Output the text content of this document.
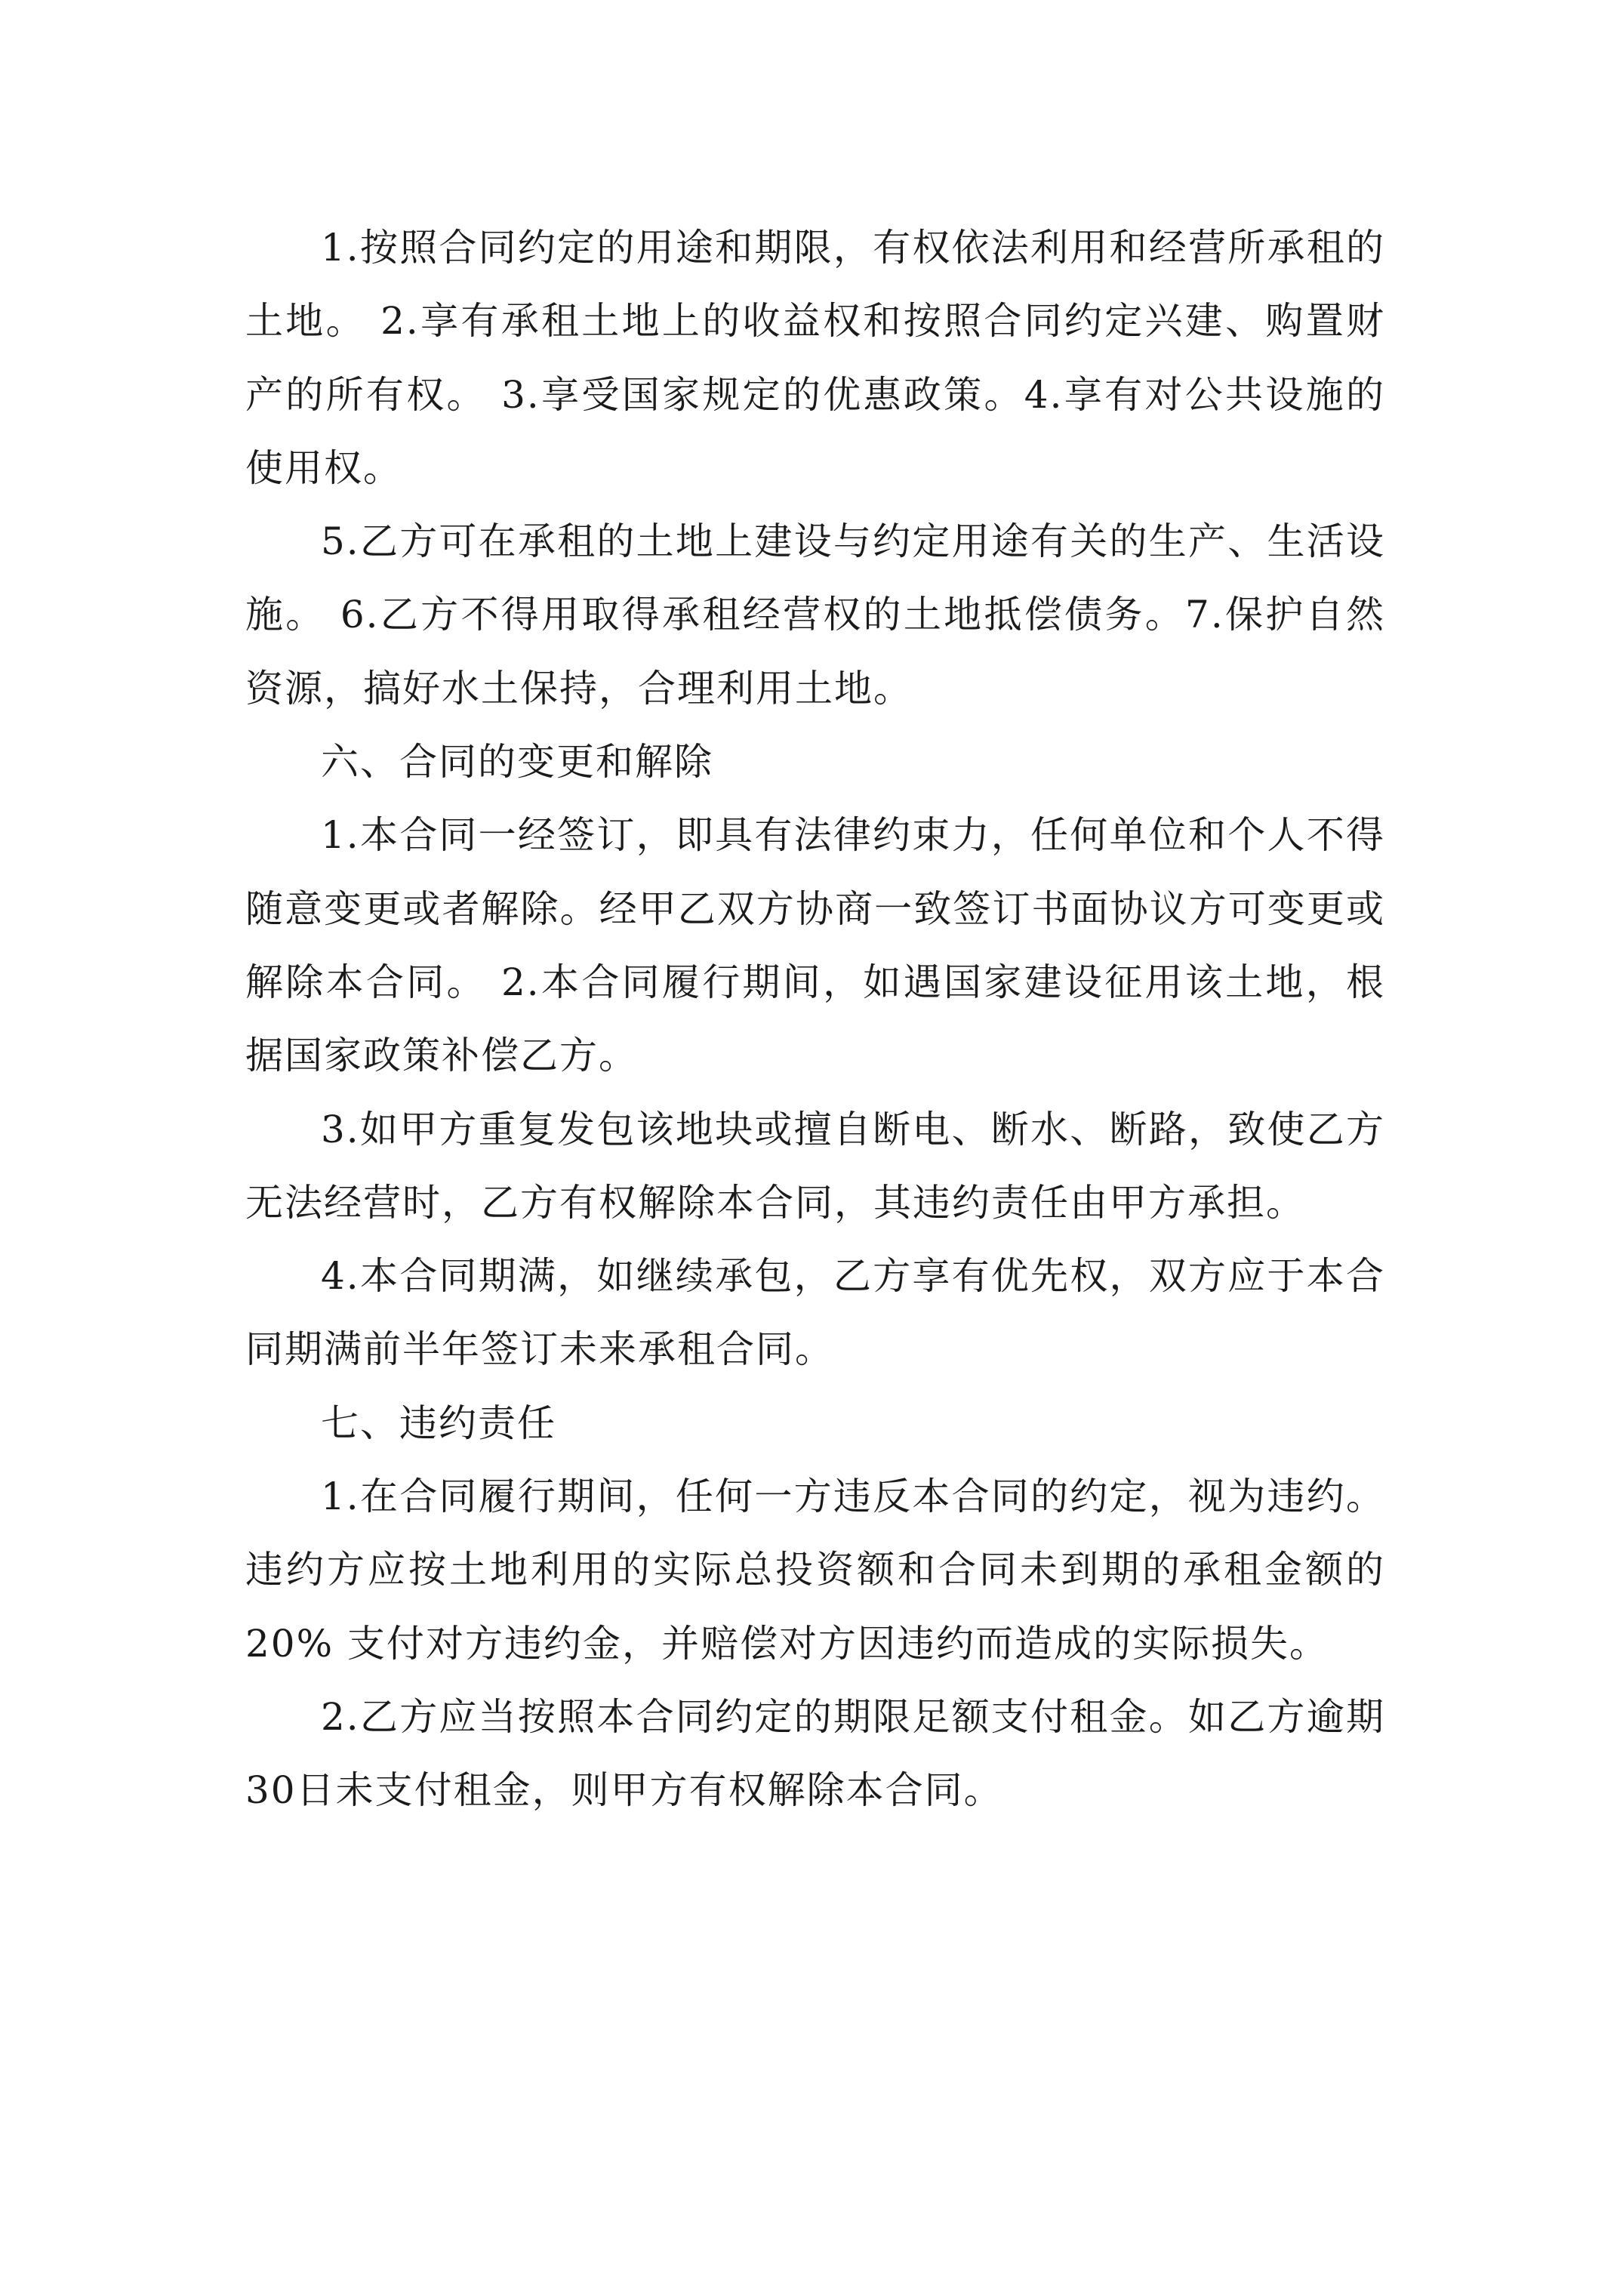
1.按照合同约定的用途和期限，有权依法利用和经营所承租的土地。 2.享有承租土地上的收益权和按照合同约定兴建、购置财产的所有权。 3.享受国家规定的优惠政策。4.享有对公共设施的使用权。

5.乙方可在承租的土地上建设与约定用途有关的生产、生活设施。 6.乙方不得用取得承租经营权的土地抵偿债务。7.保护自然资源，搞好水土保持，合理利用土地。

六、合同的变更和解除

1.本合同一经签订，即具有法律约束力，任何单位和个人不得随意变更或者解除。经甲乙双方协商一致签订书面协议方可变更或解除本合同。 2.本合同履行期间，如遇国家建设征用该土地，根据国家政策补偿乙方。

3.如甲方重复发包该地块或擅自断电、断水、断路，致使乙方无法经营时，乙方有权解除本合同，其违约责任由甲方承担。

4.本合同期满，如继续承包，乙方享有优先权，双方应于本合同期满前半年签订未来承租合同。

七、违约责任

1.在合同履行期间，任何一方违反本合同的约定，视为违约。违约方应按土地利用的实际总投资额和合同未到期的承租金额的20% 支付对方违约金，并赔偿对方因违约而造成的实际损失。

2.乙方应当按照本合同约定的期限足额支付租金。如乙方逾期30日未支付租金，则甲方有权解除本合同。
